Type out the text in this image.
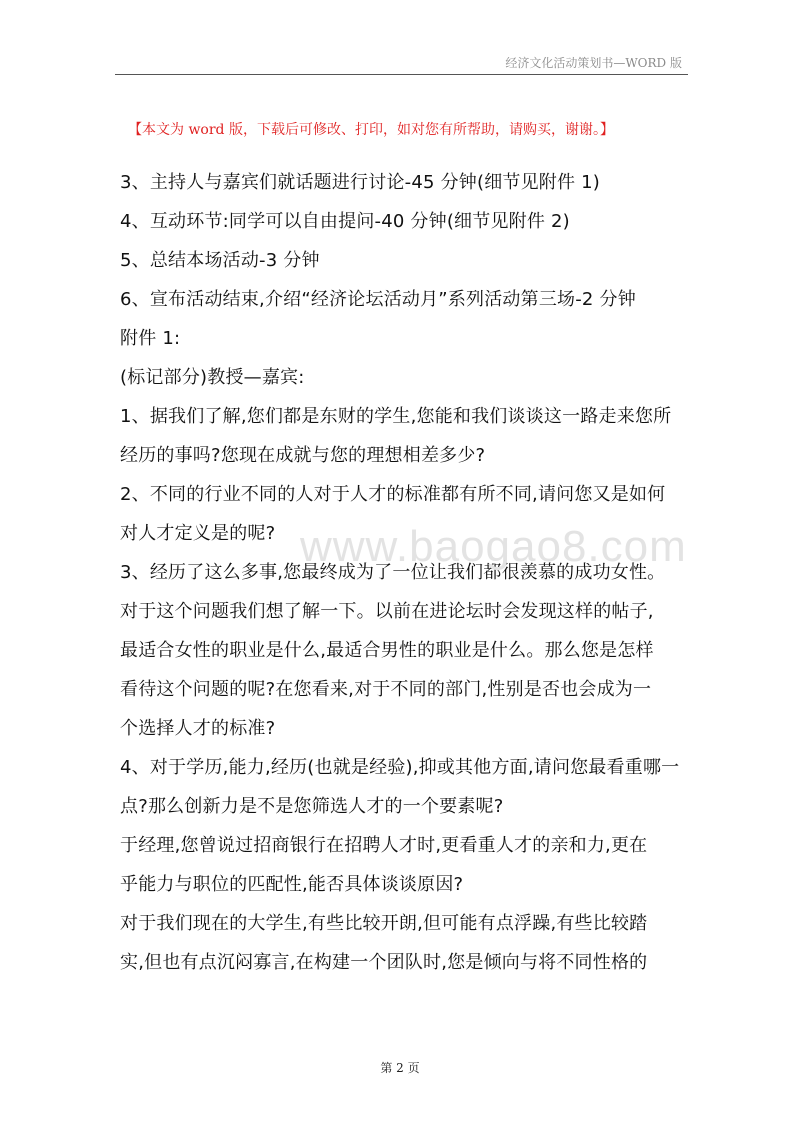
经济文化活动策划书—WORD 版
【本文为 word 版，下载后可修改、打印，如对您有所帮助，请购买，谢谢。】
3、主持人与嘉宾们就话题进行讨论-45 分钟(细节见附件 1)
4、互动环节:同学可以自由提问-40 分钟(细节见附件 2)
5、总结本场活动-3 分钟
6、宣布活动结束,介绍“经济论坛活动月”系列活动第三场-2 分钟
附件 1:
(标记部分)教授—嘉宾:
1、据我们了解,您们都是东财的学生,您能和我们谈谈这一路走来您所
经历的事吗?您现在成就与您的理想相差多少?
2、不同的行业不同的人对于人才的标准都有所不同,请问您又是如何
对人才定义是的呢?
3、经历了这么多事,您最终成为了一位让我们都很羡慕的成功女性。
对于这个问题我们想了解一下。以前在进论坛时会发现这样的帖子,
最适合女性的职业是什么,最适合男性的职业是什么。那么您是怎样
看待这个问题的呢?在您看来,对于不同的部门,性别是否也会成为一
个选择人才的标准?
4、对于学历,能力,经历(也就是经验),抑或其他方面,请问您最看重哪一
点?那么创新力是不是您筛选人才的一个要素呢?
于经理,您曾说过招商银行在招聘人才时,更看重人才的亲和力,更在
乎能力与职位的匹配性,能否具体谈谈原因?
对于我们现在的大学生,有些比较开朗,但可能有点浮躁,有些比较踏
实,但也有点沉闷寡言,在构建一个团队时,您是倾向与将不同性格的
www.baogao8.com
第 2 页
